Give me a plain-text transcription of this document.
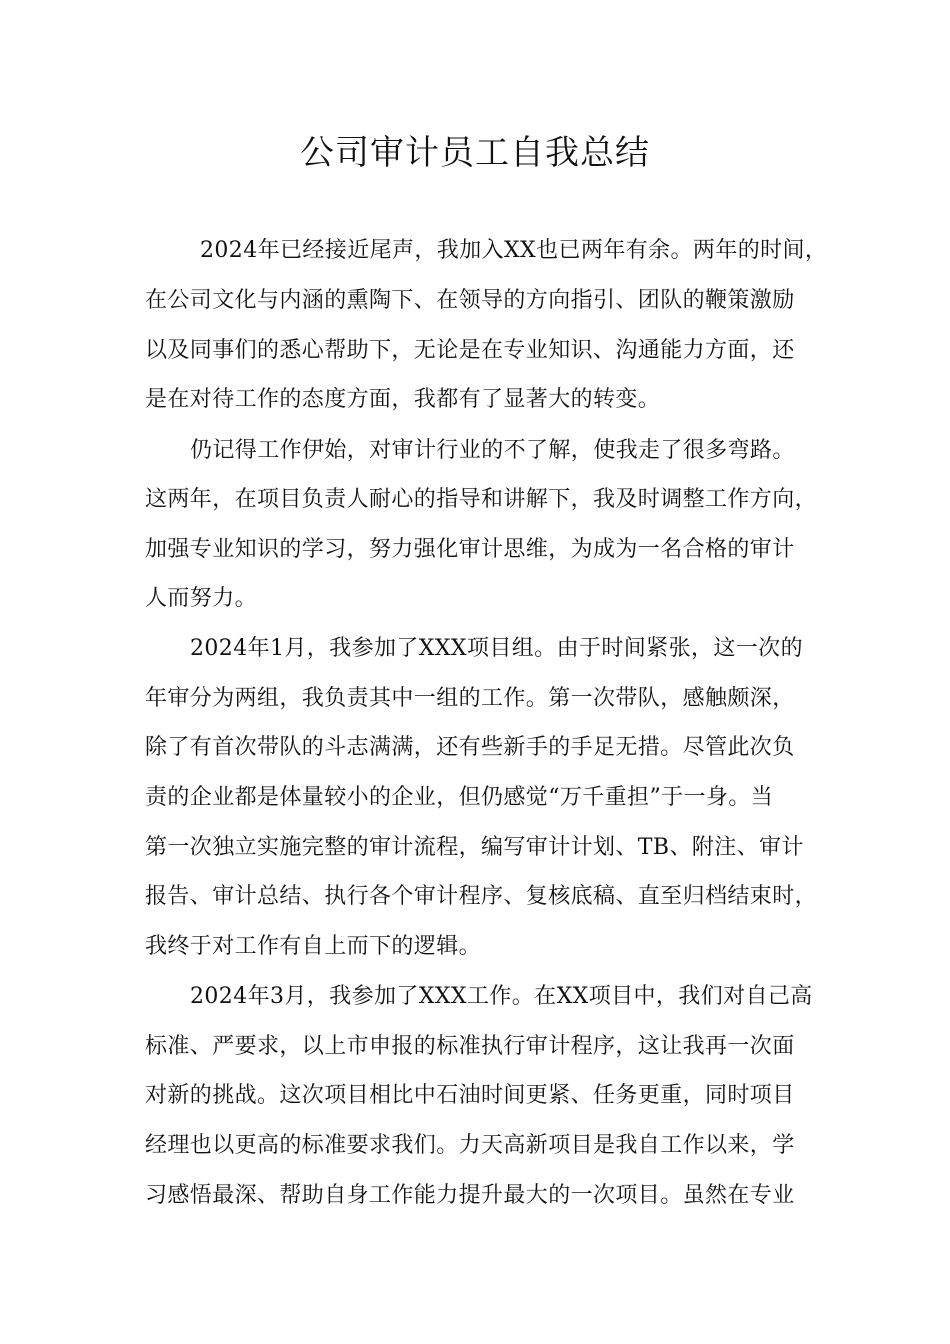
公司审计员工自我总结
2024年已经接近尾声，我加入XX也已两年有余。两年的时间，
在公司文化与内涵的熏陶下、在领导的方向指引、团队的鞭策激励
以及同事们的悉心帮助下，无论是在专业知识、沟通能力方面，还
是在对待工作的态度方面，我都有了显著大的转变。
仍记得工作伊始，对审计行业的不了解，使我走了很多弯路。
这两年，在项目负责人耐心的指导和讲解下，我及时调整工作方向，
加强专业知识的学习，努力强化审计思维，为成为一名合格的审计
人而努力。
2024年1月，我参加了XXX项目组。由于时间紧张，这一次的
年审分为两组，我负责其中一组的工作。第一次带队，感触颇深，
除了有首次带队的斗志满满，还有些新手的手足无措。尽管此次负
责的企业都是体量较小的企业，但仍感觉“万千重担”于一身。当
第一次独立实施完整的审计流程，编写审计计划、TB、附注、审计
报告、审计总结、执行各个审计程序、复核底稿、直至归档结束时，
我终于对工作有自上而下的逻辑。
2024年3月，我参加了XXX工作。在XX项目中，我们对自己高
标准、严要求，以上市申报的标准执行审计程序，这让我再一次面
对新的挑战。这次项目相比中石油时间更紧、任务更重，同时项目
经理也以更高的标准要求我们。力天高新项目是我自工作以来，学
习感悟最深、帮助自身工作能力提升最大的一次项目。虽然在专业
